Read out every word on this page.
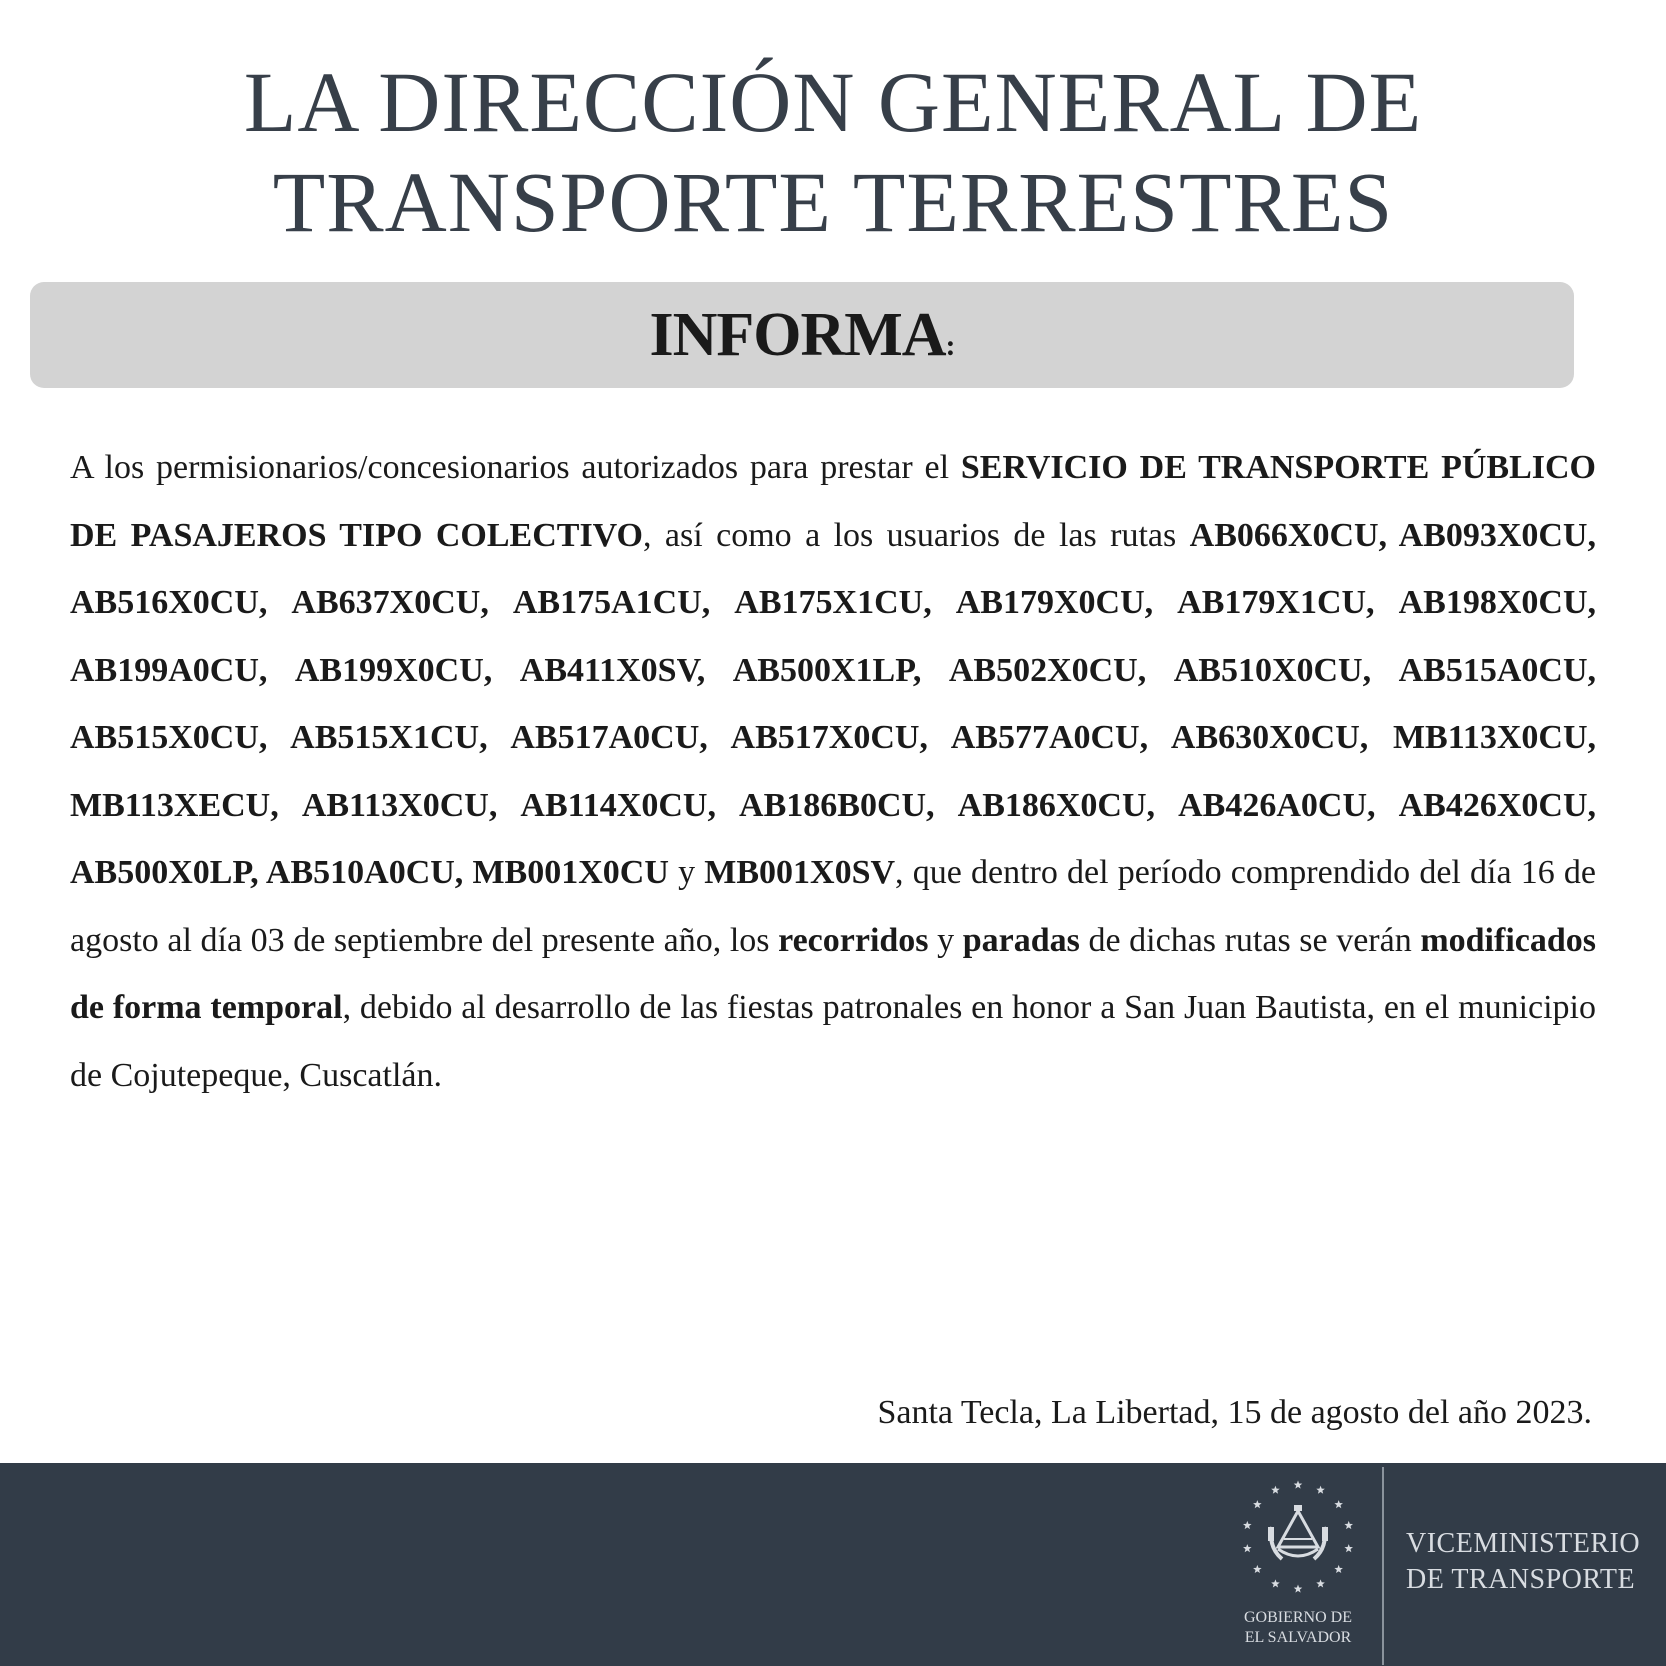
LA DIRECCIÓN GENERAL DE
TRANSPORTE TERRESTRES
INFORMA:

A los permisionarios/concesionarios autorizados para prestar el SERVICIO DE TRANSPORTE PÚBLICO DE PASAJEROS TIPO COLECTIVO, así como a los usuarios de las rutas AB066X0CU, AB093X0CU, AB516X0CU, AB637X0CU, AB175A1CU, AB175X1CU, AB179X0CU, AB179X1CU, AB198X0CU, AB199A0CU, AB199X0CU, AB411X0SV, AB500X1LP, AB502X0CU, AB510X0CU, AB515A0CU, AB515X0CU, AB515X1CU, AB517A0CU, AB517X0CU, AB577A0CU, AB630X0CU, MB113X0CU, MB113XECU, AB113X0CU, AB114X0CU, AB186B0CU, AB186X0CU, AB426A0CU, AB426X0CU, AB500X0LP, AB510A0CU, MB001X0CU y MB001X0SV, que dentro del período comprendido del día 16 de agosto al día 03 de septiembre del presente año, los recorridos y paradas de dichas rutas se verán modificados de forma temporal, debido al desarrollo de las fiestas patronales en honor a San Juan Bautista, en el municipio de Cojutepeque, Cuscatlán.

Santa Tecla, La Libertad, 15 de agosto del año 2023.
GOBIERNO DE
EL SALVADOR
VICEMINISTERIO
DE TRANSPORTE
